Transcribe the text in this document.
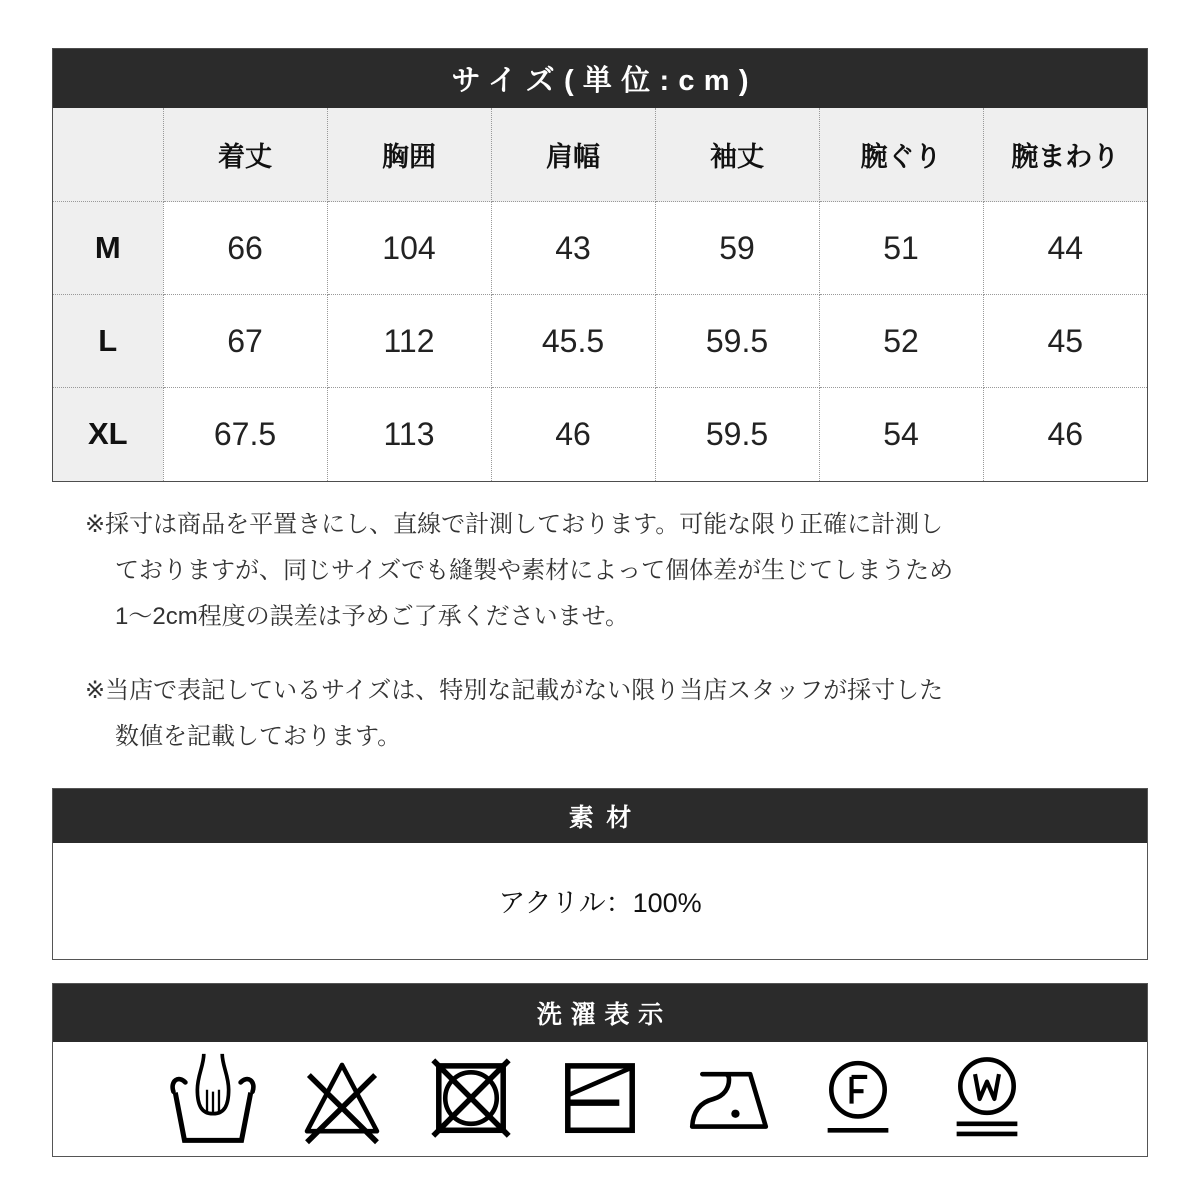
サイズ(単位:cm)
	着丈	胸囲	肩幅	袖丈	腕ぐり	腕まわり
M	66	104	43	59	51	44
L	67	112	45.5	59.5	52	45
XL	67.5	113	46	59.5	54	46
※採寸は商品を平置きにし、直線で計測しております。可能な限り正確に計測し
ておりますが、同じサイズでも縫製や素材によって個体差が生じてしまうため
1〜2cm程度の誤差は予めご了承くださいませ。
※当店で表記しているサイズは、特別な記載がない限り当店スタッフが採寸した
数値を記載しております。
素材
アクリル：100%
洗濯表示
